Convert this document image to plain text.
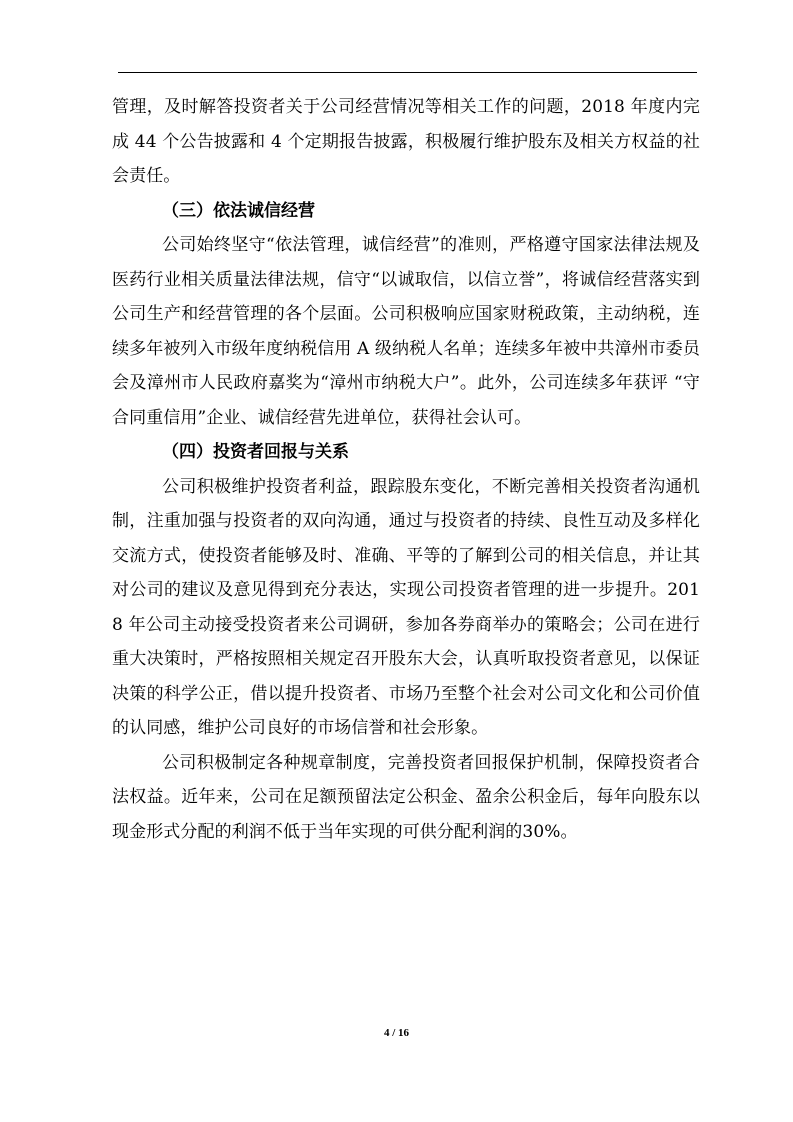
管理，及时解答投资者关于公司经营情况等相关工作的问题，2018 年度内完成 44 个公告披露和 4 个定期报告披露，积极履行维护股东及相关方权益的社会责任。

（三）依法诚信经营

公司始终坚守“依法管理，诚信经营”的准则，严格遵守国家法律法规及医药行业相关质量法律法规，信守“以诚取信，以信立誉”，将诚信经营落实到公司生产和经营管理的各个层面。公司积极响应国家财税政策，主动纳税，连续多年被列入市级年度纳税信用 A 级纳税人名单；连续多年被中共漳州市委员会及漳州市人民政府嘉奖为“漳州市纳税大户”。此外，公司连续多年获评 “守合同重信用”企业、诚信经营先进单位，获得社会认可。

（四）投资者回报与关系

公司积极维护投资者利益，跟踪股东变化，不断完善相关投资者沟通机制，注重加强与投资者的双向沟通，通过与投资者的持续、良性互动及多样化交流方式，使投资者能够及时、准确、平等的了解到公司的相关信息，并让其对公司的建议及意见得到充分表达，实现公司投资者管理的进一步提升。2018 年公司主动接受投资者来公司调研，参加各券商举办的策略会；公司在进行重大决策时，严格按照相关规定召开股东大会，认真听取投资者意见，以保证决策的科学公正，借以提升投资者、市场乃至整个社会对公司文化和公司价值的认同感，维护公司良好的市场信誉和社会形象。

公司积极制定各种规章制度，完善投资者回报保护机制，保障投资者合法权益。近年来，公司在足额预留法定公积金、盈余公积金后，每年向股东以现金形式分配的利润不低于当年实现的可供分配利润的30%。

4 / 16
